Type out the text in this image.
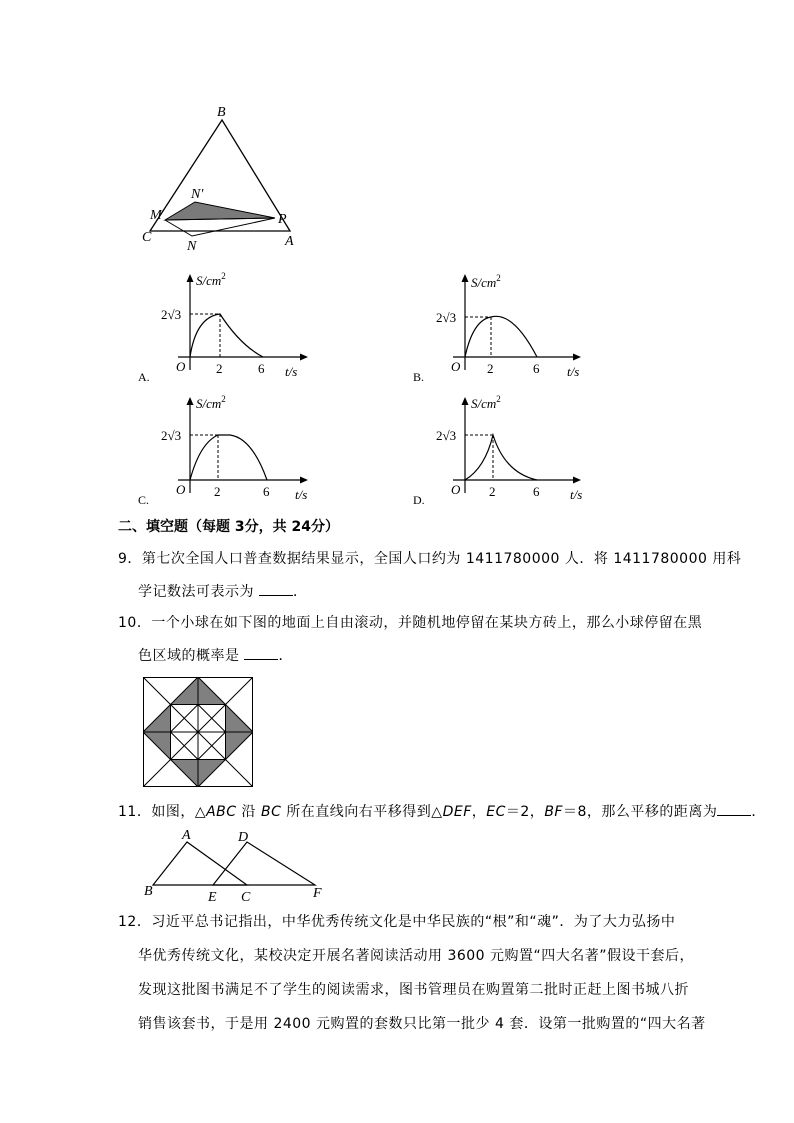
B
N'
M	P
C
N	A
A.
$S/cm^2$
2√3
O 2	6 t/s	B.
$S/cm^2$
2√3
O 2	6 t/s
C.
$S/cm^2$
2√3
O 2	6 t/s	D.
$S/cm^2$
2√3
O 2	6 t/s
二、填空题（每题 3分，共 24分）
9．第七次全国人口普查数据结果显示，全国人口约为 1411780000 人．将 1411780000 用科
学记数法可表示为	．
10．一个小球在如下图的地面上自由滚动，并随机地停留在某块方砖上，那么小球停留在黑
色区域的概率是	．
11．如图，△ABC 沿 BC 所在直线向右平移得到△DEF，EC＝2，BF＝8，那么平移的距离为 ．
A	D
B	E C	F
12．习近平总书记指出，中华优秀传统文化是中华民族的“根”和“魂”．为了大力弘扬中
华优秀传统文化，某校决定开展名著阅读活动用 3600 元购置“四大名著”假设干套后，
发现这批图书满足不了学生的阅读需求，图书管理员在购置第二批时正赶上图书城八折
销售该套书，于是用 2400 元购置的套数只比第一批少 4 套．设第一批购置的“四大名著
